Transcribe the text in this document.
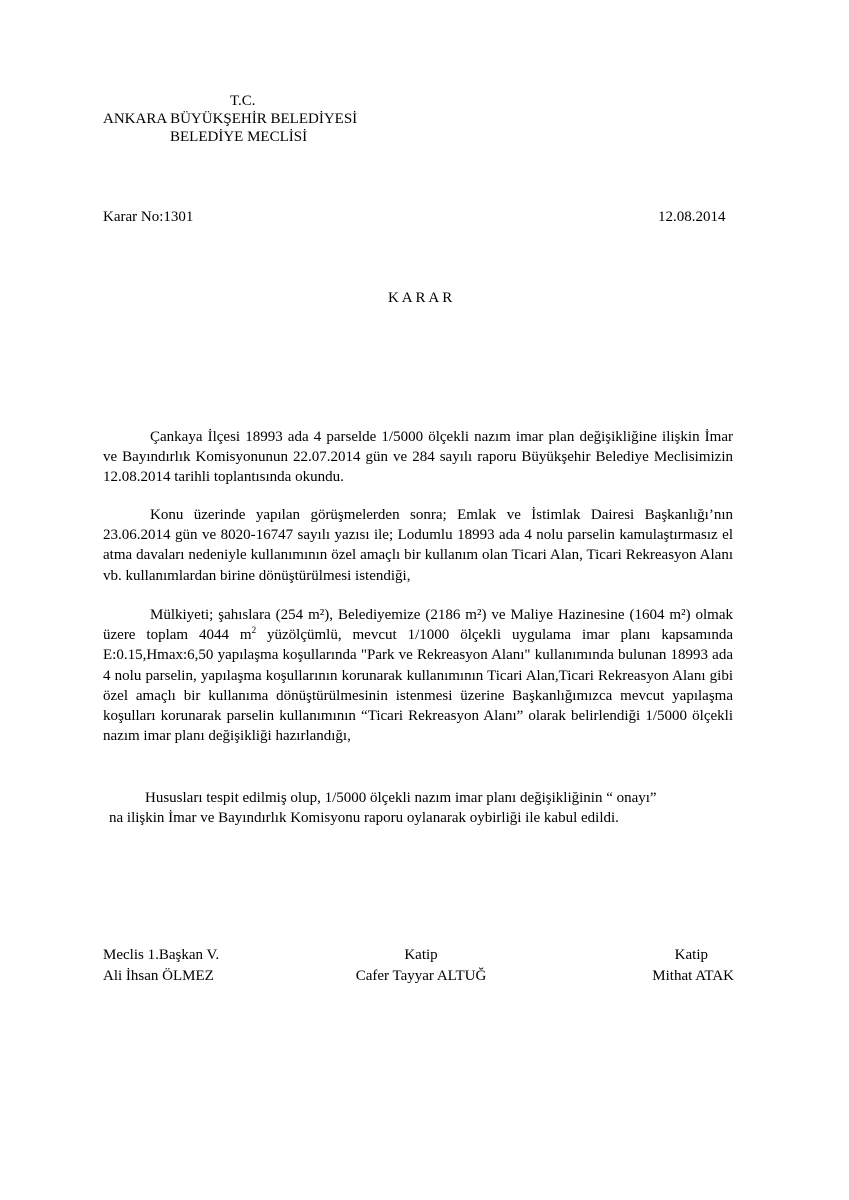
T.C.
ANKARA BÜYÜKŞEHİR BELEDİYESİ
BELEDİYE MECLİSİ
Karar No:1301	12.08.2014
K A R A R

Çankaya İlçesi 18993 ada 4 parselde 1/5000 ölçekli nazım imar plan değişikliğine ilişkin İmar ve Bayındırlık Komisyonunun 22.07.2014 gün ve 284 sayılı raporu Büyükşehir Belediye Meclisimizin 12.08.2014 tarihli toplantısında okundu.

Konu üzerinde yapılan görüşmelerden sonra; Emlak ve İstimlak Dairesi Başkanlığı’nın 23.06.2014 gün ve 8020-16747 sayılı yazısı ile; Lodumlu 18993 ada 4 nolu parselin kamulaştırmasız el atma davaları nedeniyle kullanımının özel amaçlı bir kullanım olan Ticari Alan, Ticari Rekreasyon Alanı vb. kullanımlardan birine dönüştürülmesi istendiği,

Mülkiyeti; şahıslara (254 m²), Belediyemize (2186 m²) ve Maliye Hazinesine (1604 m²) olmak üzere toplam 4044 $m^2$ yüzölçümlü, mevcut 1/1000 ölçekli uygulama imar planı kapsamında E:0.15,Hmax:6,50 yapılaşma koşullarında "Park ve Rekreasyon Alanı" kullanımında bulunan 18993 ada 4 nolu parselin, yapılaşma koşullarının korunarak kullanımının Ticari Alan,Ticari Rekreasyon Alanı gibi özel amaçlı bir kullanıma dönüştürülmesinin istenmesi üzerine Başkanlığımızca mevcut yapılaşma koşulları korunarak parselin kullanımının “Ticari Rekreasyon Alanı” olarak belirlendiği 1/5000 ölçekli nazım imar planı değişikliği hazırlandığı,

Hususları tespit edilmiş olup, 1/5000 ölçekli nazım imar planı değişikliğinin “ onayı”
na ilişkin İmar ve Bayındırlık Komisyonu raporu oylanarak oybirliği ile kabul edildi.
Meclis 1.Başkan V.
Ali İhsan ÖLMEZ
Katip
Cafer Tayyar ALTUĞ
Katip
Mithat ATAK
